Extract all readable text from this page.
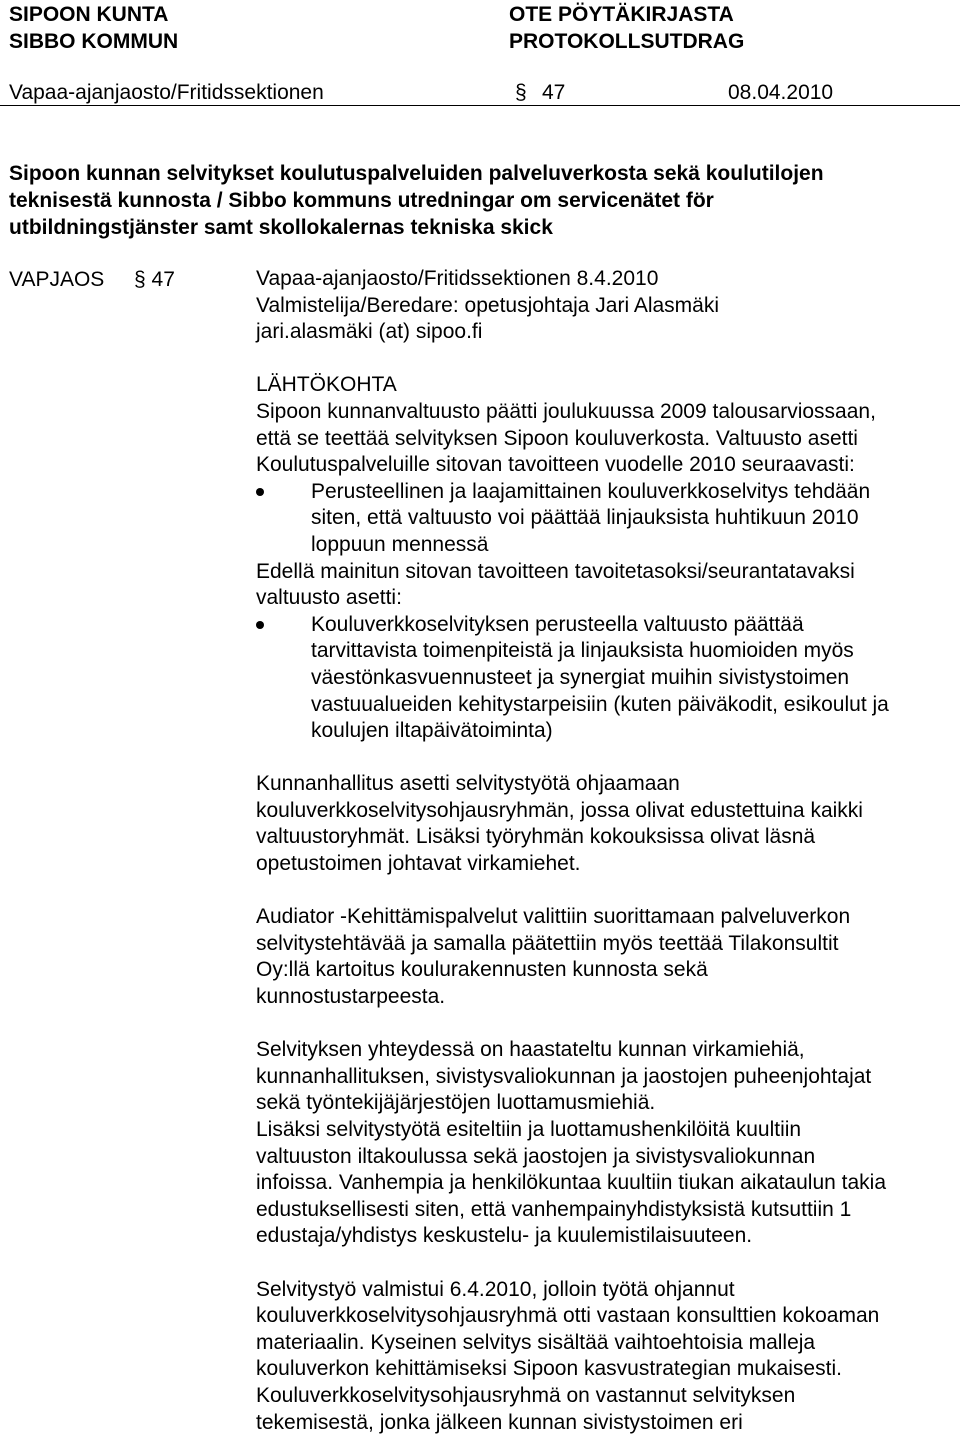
SIPOON KUNTA
SIBBO KOMMUN
OTE PÖYTÄKIRJASTA
PROTOKOLLSUTDRAG
Vapaa-ajanjaosto/Fritidssektionen	§ 47	08.04.2010
Sipoon kunnan selvitykset koulutuspalveluiden palveluverkosta sekä koulutilojen
teknisestä kunnosta / Sibbo kommuns utredningar om servicenätet för
utbildningstjänster samt skollokalernas tekniska skick
VAPJAOS § 47	Vapaa-ajanjaosto/Fritidssektionen 8.4.2010
Valmistelija/Beredare: opetusjohtaja Jari Alasmäki
jari.alasmäki (at) sipoo.fi
LÄHTÖKOHTA
Sipoon kunnanvaltuusto päätti joulukuussa 2009 talousarviossaan,
että se teettää selvityksen Sipoon kouluverkosta. Valtuusto asetti
Koulutuspalveluille sitovan tavoitteen vuodelle 2010 seuraavasti:
Perusteellinen ja laajamittainen kouluverkkoselvitys tehdään
siten, että valtuusto voi päättää linjauksista huhtikuun 2010
loppuun mennessä
Edellä mainitun sitovan tavoitteen tavoitetasoksi/seurantatavaksi
valtuusto asetti:
Kouluverkkoselvityksen perusteella valtuusto päättää
tarvittavista toimenpiteistä ja linjauksista huomioiden myös
väestönkasvuennusteet ja synergiat muihin sivistystoimen
vastuualueiden kehitystarpeisiin (kuten päiväkodit, esikoulut ja
koulujen iltapäivätoiminta)
Kunnanhallitus asetti selvitystyötä ohjaamaan
kouluverkkoselvitysohjausryhmän, jossa olivat edustettuina kaikki
valtuustoryhmät. Lisäksi työryhmän kokouksissa olivat läsnä
opetustoimen johtavat virkamiehet.
Audiator -Kehittämispalvelut valittiin suorittamaan palveluverkon
selvitystehtävää ja samalla päätettiin myös teettää Tilakonsultit
Oy:llä kartoitus koulurakennusten kunnosta sekä
kunnostustarpeesta.
Selvityksen yhteydessä on haastateltu kunnan virkamiehiä,
kunnanhallituksen, sivistysvaliokunnan ja jaostojen puheenjohtajat
sekä työntekijäjärjestöjen luottamusmiehiä.
Lisäksi selvitystyötä esiteltiin ja luottamushenkilöitä kuultiin
valtuuston iltakoulussa sekä jaostojen ja sivistysvaliokunnan
infoissa. Vanhempia ja henkilökuntaa kuultiin tiukan aikataulun takia
edustuksellisesti siten, että vanhempainyhdistyksistä kutsuttiin 1
edustaja/yhdistys keskustelu- ja kuulemistilaisuuteen.
Selvitystyö valmistui 6.4.2010, jolloin työtä ohjannut
kouluverkkoselvitysohjausryhmä otti vastaan konsulttien kokoaman
materiaalin. Kyseinen selvitys sisältää vaihtoehtoisia malleja
kouluverkon kehittämiseksi Sipoon kasvustrategian mukaisesti.
Kouluverkkoselvitysohjausryhmä on vastannut selvityksen
tekemisestä, jonka jälkeen kunnan sivistystoimen eri
